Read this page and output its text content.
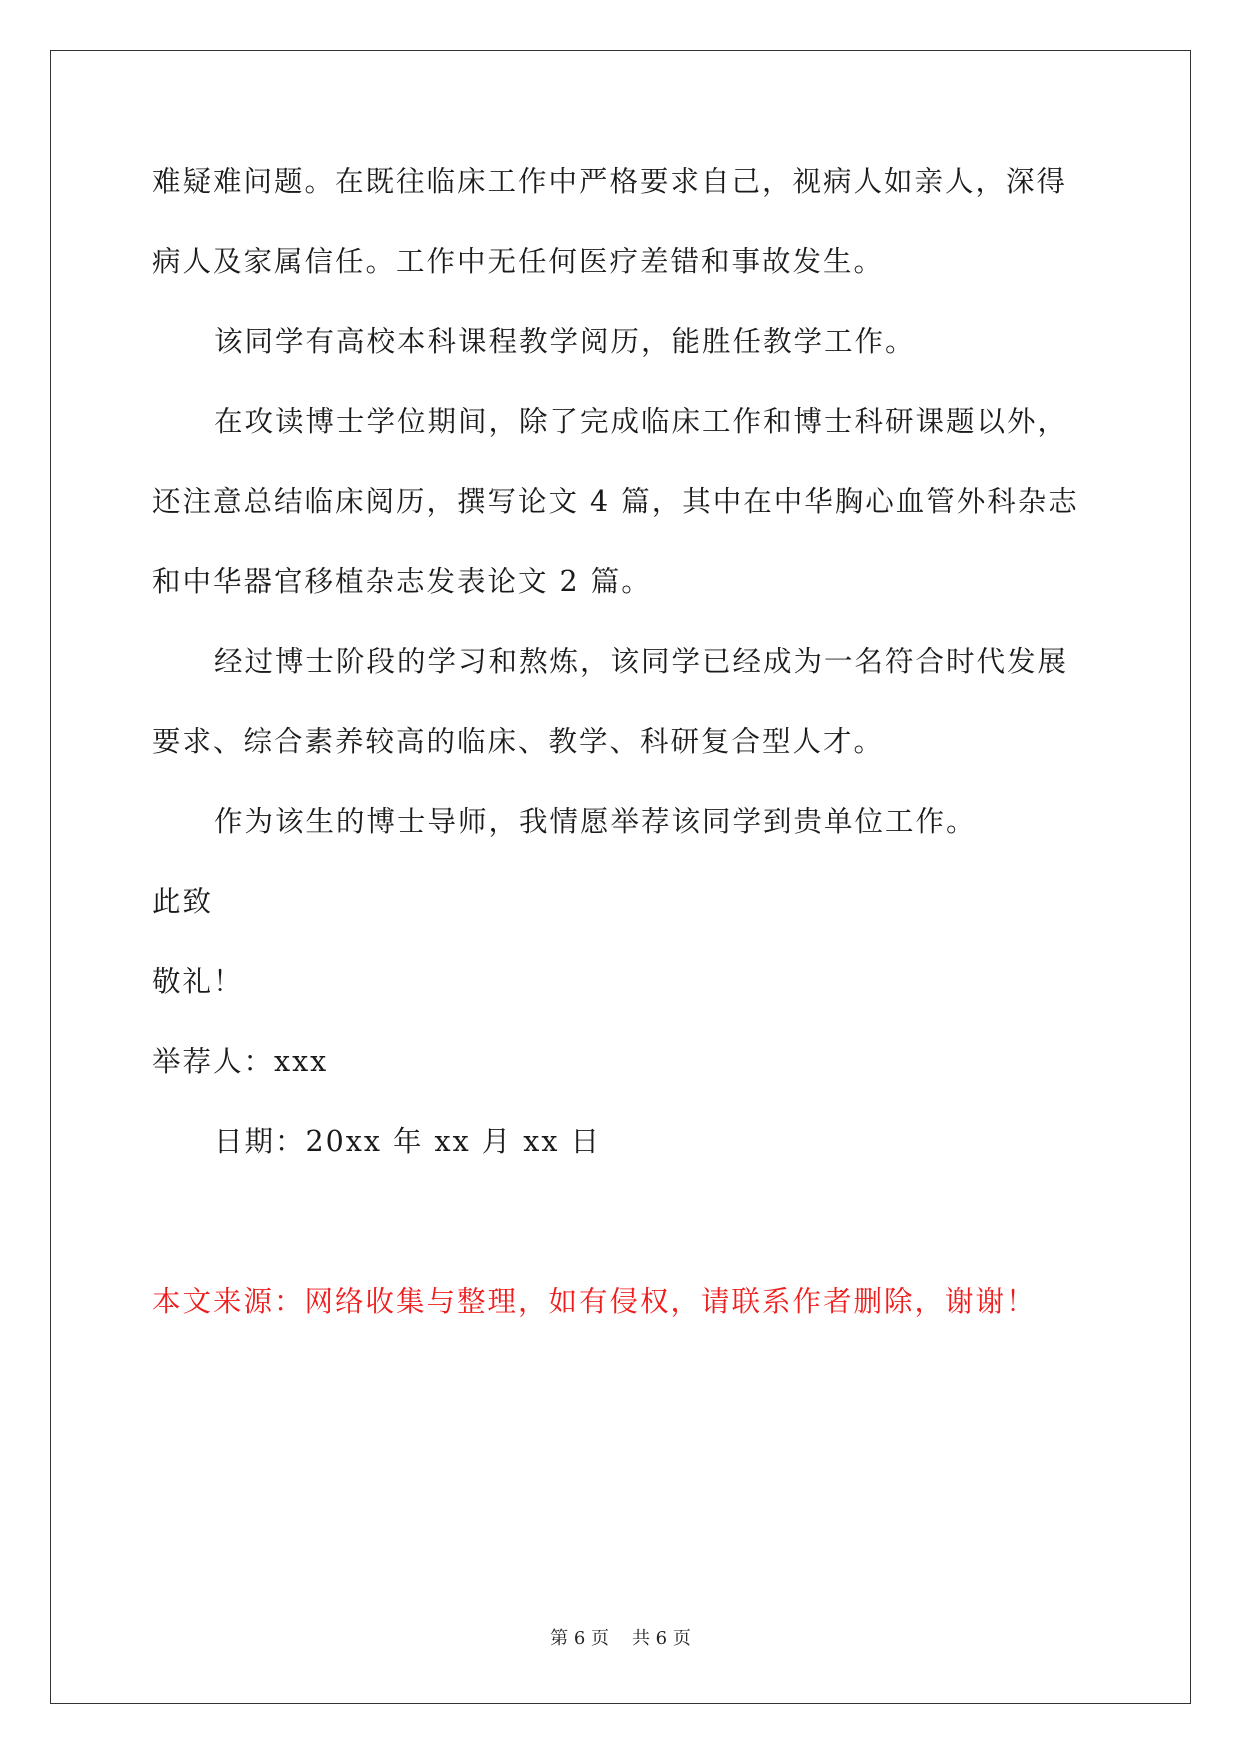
难疑难问题。在既往临床工作中严格要求自己，视病人如亲人，深得
病人及家属信任。工作中无任何医疗差错和事故发生。
该同学有高校本科课程教学阅历，能胜任教学工作。
在攻读博士学位期间，除了完成临床工作和博士科研课题以外，
还注意总结临床阅历，撰写论文 4 篇，其中在中华胸心血管外科杂志
和中华器官移植杂志发表论文 2 篇。
经过博士阶段的学习和熬炼，该同学已经成为一名符合时代发展
要求、综合素养较高的临床、教学、科研复合型人才。
作为该生的博士导师，我情愿举荐该同学到贵单位工作。
此致
敬礼！
举荐人：xxx
日期：20xx 年 xx 月 xx 日
本文来源：网络收集与整理，如有侵权，请联系作者删除，谢谢！
第 6 页    共 6 页
